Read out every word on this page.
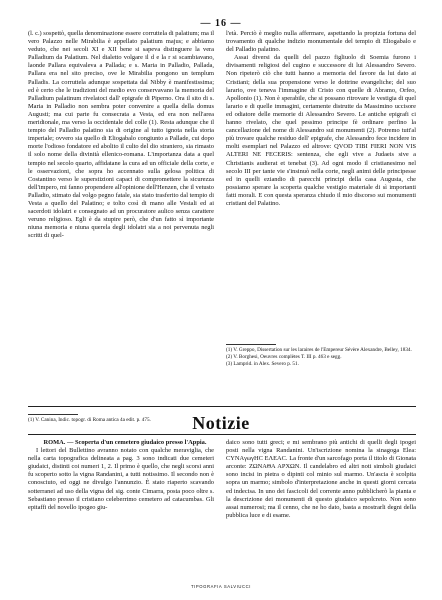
— 16 —

(l. c.) sospettò, quella denominazione essere corruttela di palatium; ma il vero Palazzo nelle Mirabilia è appellato palatium majus; e abbiamo veduto, che nei secoli XI e XII bene si sapeva distinguere la vera Palladium da Palatium. Nel dialetto volgare il d e la r si scambiavano, laonde Pallara equivaleva a Pallada; e s. Maria in Palladio, Pallada, Pallara era nel sito preciso, ove le Mirabilia pongono un templum Palladis. La corruttela adunque sospettata dal Nibby è manifestissima; ed è certo che le tradizioni del medio evo conservavano la memoria del Palladium palatinum rivelatoci dall' epigrafe di Piperno. Ora il sito di s. Maria in Palladio non sembra poter convenire a quella della domus Augusti; ma cui parte fu consecrata a Vesta, ed era non nell'area meridionale, ma verso la occidentale del colle (1). Resta adunque che il tempio del Palladio palatino sia di origine al tutto ignota nella storia imperiale; ovvero sia quello di Eliogabalo congiunto a Pallade, cui dopo morte l'odioso fondatore ed abolito il culto del dio straniero, sia rimasto il solo nome della divinità ellenico-romana. L'importanza data a quel tempio nel secolo quarto, affidatane la cura ad un officiale della corte, e le osservazioni, che sopra ho accennato sulla gelosa politica di Costantino verso le superstizioni capaci di compromettere la sicurezza dell'impero, mi fanno propendere all'opinione dell'Henzen, che il vetusto Palladio, stimato dal volgo pegno fatale, sia stato trasferito dal tempio di Vesta a quello del Palatino; e tolto così di mano alle Vestali ed ai sacerdoti idolatri e consegnato ad un procuratore aulico senza carattere veruno religioso. Egli è da stupire però, che d'un fatto sì importante niuna memoria e niuna querela degli idolatri sia a noi pervenuta negli scritti di quel-

l'età. Perciò è meglio nulla affermare, aspettando la propizia fortuna del trovamento di qualche indizio monumentale del tempio di Eliogabalo e del Palladio palatino.

Assai diversi da quelli del pazzo figliuolo di Soemia furono i divisamenti religiosi del cugino e successore di lui Alessandro Severo. Non ripeterò ciò che tutti hanno a memoria del favore da lui dato ai Cristiani; della sua propensione verso le dottrine evangeliche; del suo larario, ove teneva l'immagine di Cristo con quelle di Abramo, Orfeo, Apollonio (1). Non è sperabile, che si possano ritrovare le vestigia di quel larario e di quelle immagini, certamente distrutte da Massimino uccisore ed odiatore delle memorie di Alessandro Severo. Le antiche epigrafi ci hanno rivelato, che quel pessimo principe fè ordinare perfino la cancellazione del nome di Alessandro sui monumenti (2). Potremo tutt'al più trovare qualche residuo dell' epigrafe, che Alessandro fece incidere in molti esemplari nel Palazzo ed altrove: QVOD TIBI FIERI NON VIS ALTERI NE FECERIS: sentenza, che egli vive a Judaeis sive a Christianis audierat et tenebat (3). Ad ogni modo il cristianesimo nel secolo III per tante vie s'insinuò nella corte, negli animi delle principesse ed in quelli eziandio di parecchi principi della casa Augusta, che possiamo sperare la scoperta qualche vestigio materiale di sì importanti fatti morali. E con questa speranza chiudo il mio discorso sui monumenti cristiani del Palatino.

(1) V. Canina, Indic. topogr. di Roma antica 4a edit. p. 475.
(1) V. Greppo, Dissertation sur les laraires de l'Empereur Sévère Alexandre, Belley, 1834.
(2) V. Borghesi, Oeuvres complètes T. III p. 463 e segg.
(3) Lamprid. in Alex. Severo p. 51.
Notizie

ROMA. — Scoperta d'un cemetero giudaico presso l'Appia.

I lettori del Bullettino avranno notato con qualche meraviglia, che nella carta topografica delineata a pag. 3 sono indicati due cemeteri giudaici, distinti coi numeri 1, 2. Il primo è quello, che negli scorsi anni fu scoperto sotto la vigna Randanini, a tutti notissimo. Il secondo non è conosciuto, ed oggi ne divulgo l'annunzio. È stato riaperto scavando sotterranei ad uso della vigna del sig. conte Cimarra, posta poco oltre s. Sebastiano presso il cristiano celeberrimo cemetero ad catacumbas. Gli epitaffi del novello ipogeo giu-

daico sono tutti greci; e mi sembrano più antichi di quelli degli ipogei posti nella vigna Randanini. Un'iscrizione nomina la sinagoga Elea: CYNAγωγΗC ΕΛΕΑC. La fronte d'un sarcofago porta il titolo di Gionata arconte: ΖΩΝΑΘΑ ΑΡΧΩΝ. Il candelabro ed altri noti simboli giudaici sono incisi in pietra o dipinti col minio sul marmo. Un'ascia è scolpita sopra un marmo; simbolo d'interpretazione anche in questi giorni cercata ed indecisa. In uno dei fascicoli del corrente anno pubblicherò la pianta e la descrizione dei monumenti di questo giudaico sepolcreto. Non sono assai numerosi; ma il cenno, che ne ho dato, basta a mostrarli degni della pubblica luce e di esame.

TIPOGRAFIA SALVIUCCI
